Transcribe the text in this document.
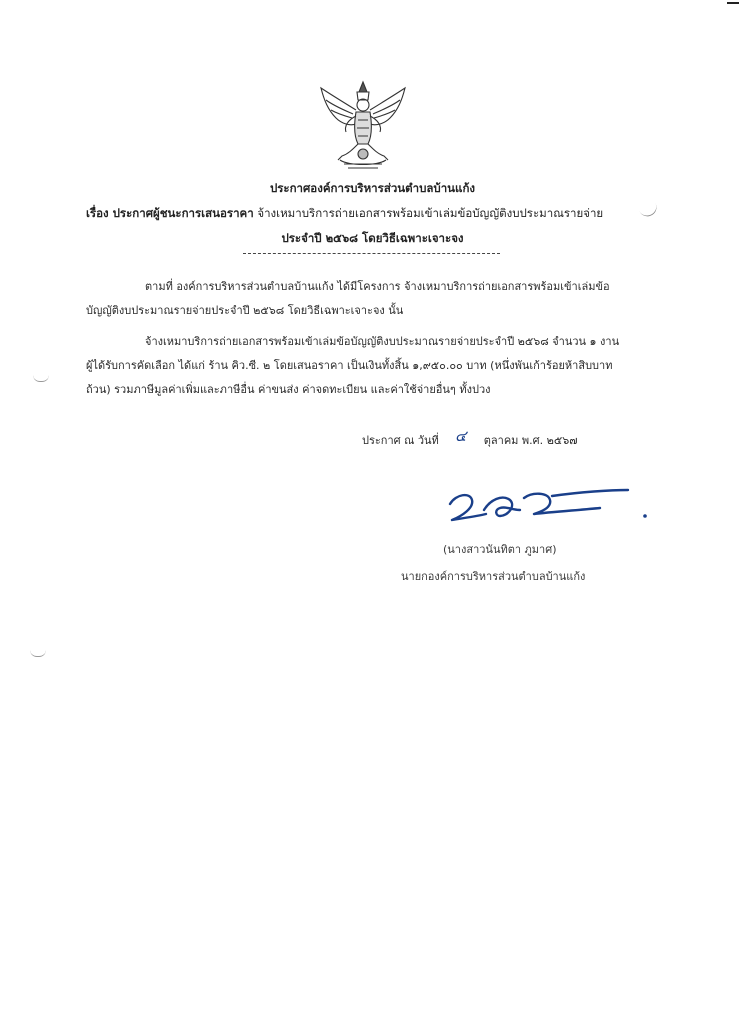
ประกาศองค์การบริหารส่วนตำบลบ้านแก้ง
เรื่อง ประกาศผู้ชนะการเสนอราคา จ้างเหมาบริการถ่ายเอกสารพร้อมเข้าเล่มข้อบัญญัติงบประมาณรายจ่าย
ประจำปี ๒๕๖๘ โดยวิธีเฉพาะเจาะจง
ตามที่ องค์การบริหารส่วนตำบลบ้านแก้ง ได้มีโครงการ จ้างเหมาบริการถ่ายเอกสารพร้อมเข้าเล่มข้อ
บัญญัติงบประมาณรายจ่ายประจำปี ๒๕๖๘ โดยวิธีเฉพาะเจาะจง นั้น
จ้างเหมาบริการถ่ายเอกสารพร้อมเข้าเล่มข้อบัญญัติงบประมาณรายจ่ายประจำปี ๒๕๖๘ จำนวน ๑ งาน
ผู้ได้รับการคัดเลือก ได้แก่ ร้าน คิว.ซี. ๒ โดยเสนอราคา เป็นเงินทั้งสิ้น ๑,๙๕๐.๐๐ บาท (หนึ่งพันเก้าร้อยห้าสิบบาท
ถ้วน) รวมภาษีมูลค่าเพิ่มและภาษีอื่น ค่าขนส่ง ค่าจดทะเบียน และค่าใช้จ่ายอื่นๆ ทั้งปวง
ประกาศ ณ วันที่	ตุลาคม พ.ศ. ๒๕๖๗
๔
(นางสาวนันทิตา ภูมาศ)
นายกองค์การบริหารส่วนตำบลบ้านแก้ง
